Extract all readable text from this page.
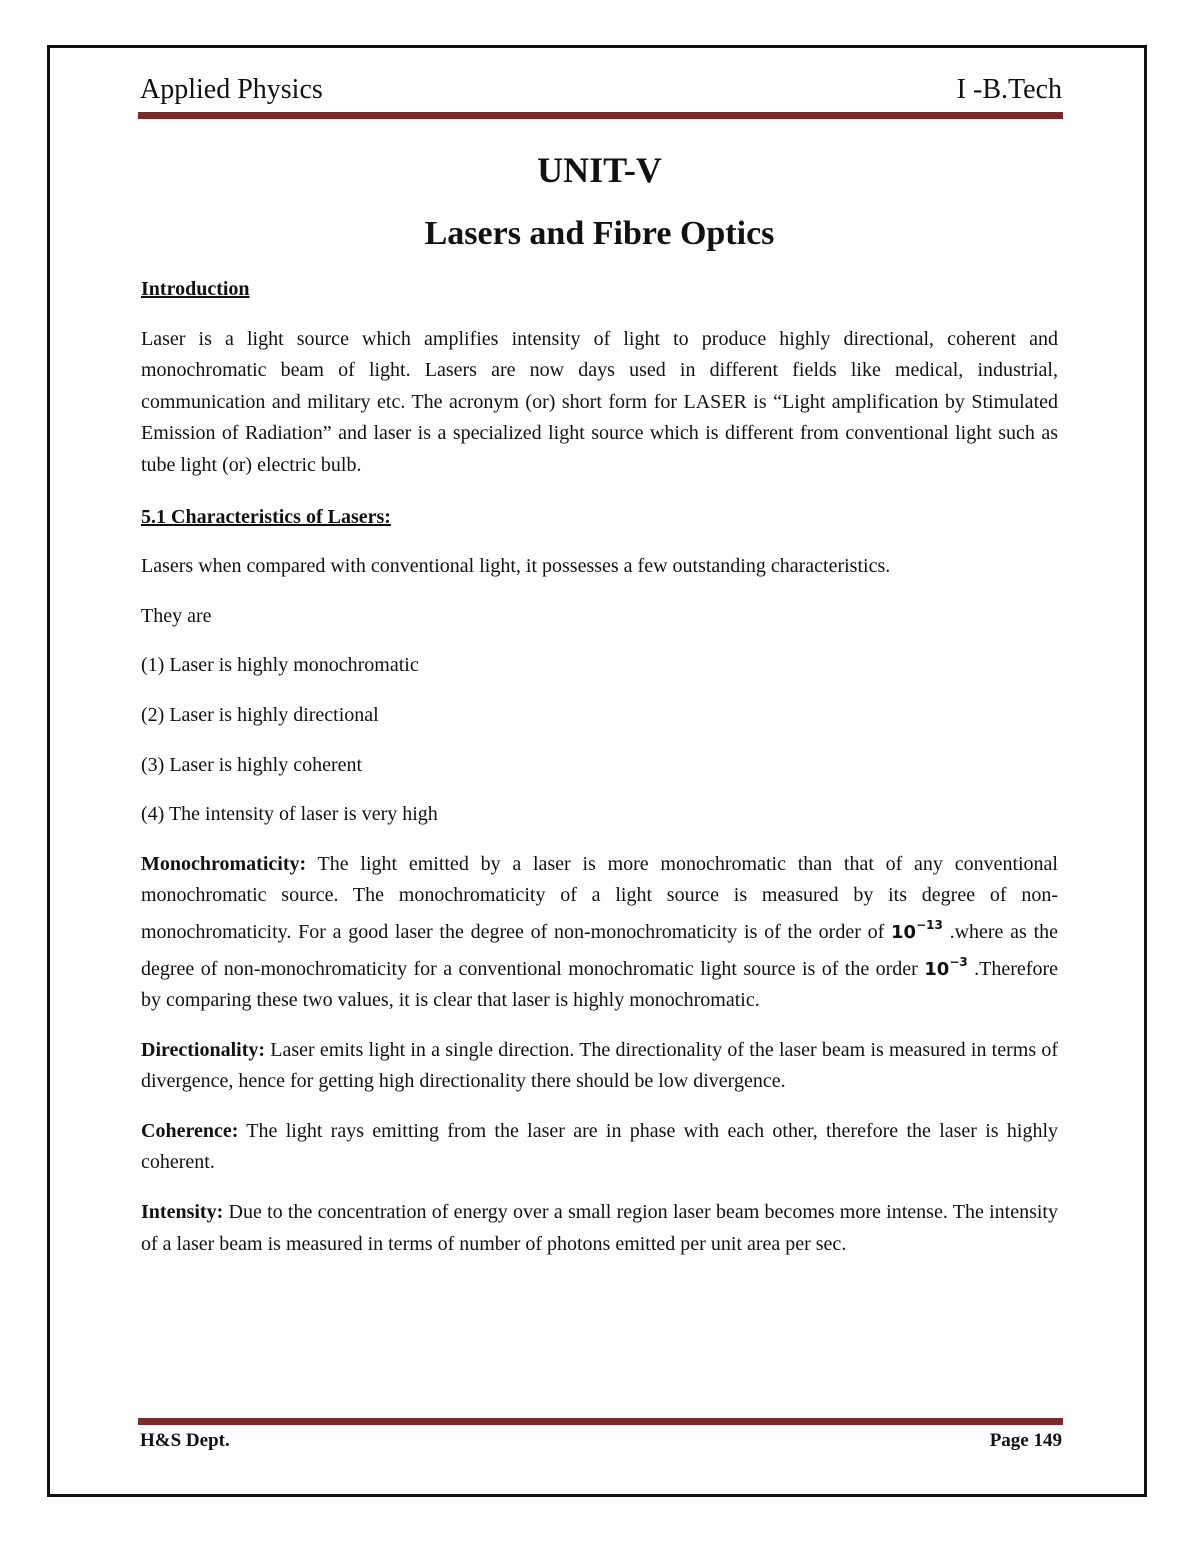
Applied Physics	I -B.Tech
UNIT-V
Lasers and Fibre Optics
Introduction

Laser is a light source which amplifies intensity of light to produce highly directional, coherent and monochromatic beam of light. Lasers are now days used in different fields like medical, industrial, communication and military etc. The acronym (or) short form for LASER is “Light amplification by Stimulated Emission of Radiation” and laser is a specialized light source which is different from conventional light such as tube light (or) electric bulb.

5.1 Characteristics of Lasers:

Lasers when compared with conventional light, it possesses a few outstanding characteristics.

They are

(1) Laser is highly monochromatic

(2) Laser is highly directional

(3) Laser is highly coherent

(4) The intensity of laser is very high

Monochromaticity: The light emitted by a laser is more monochromatic than that of any conventional monochromatic source. The monochromaticity of a light source is measured by its degree of non-monochromaticity. For a good laser the degree of non-monochromaticity is of the order of $10^{-13}$ .where as the degree of non-monochromaticity for a conventional monochromatic light source is of the order $10^{-3}$ .Therefore by comparing these two values, it is clear that laser is highly monochromatic.

Directionality: Laser emits light in a single direction. The directionality of the laser beam is measured in terms of divergence, hence for getting high directionality there should be low divergence.

Coherence: The light rays emitting from the laser are in phase with each other, therefore the laser is highly coherent.

Intensity: Due to the concentration of energy over a small region laser beam becomes more intense. The intensity of a laser beam is measured in terms of number of photons emitted per unit area per sec.

H&S Dept.	Page 149
